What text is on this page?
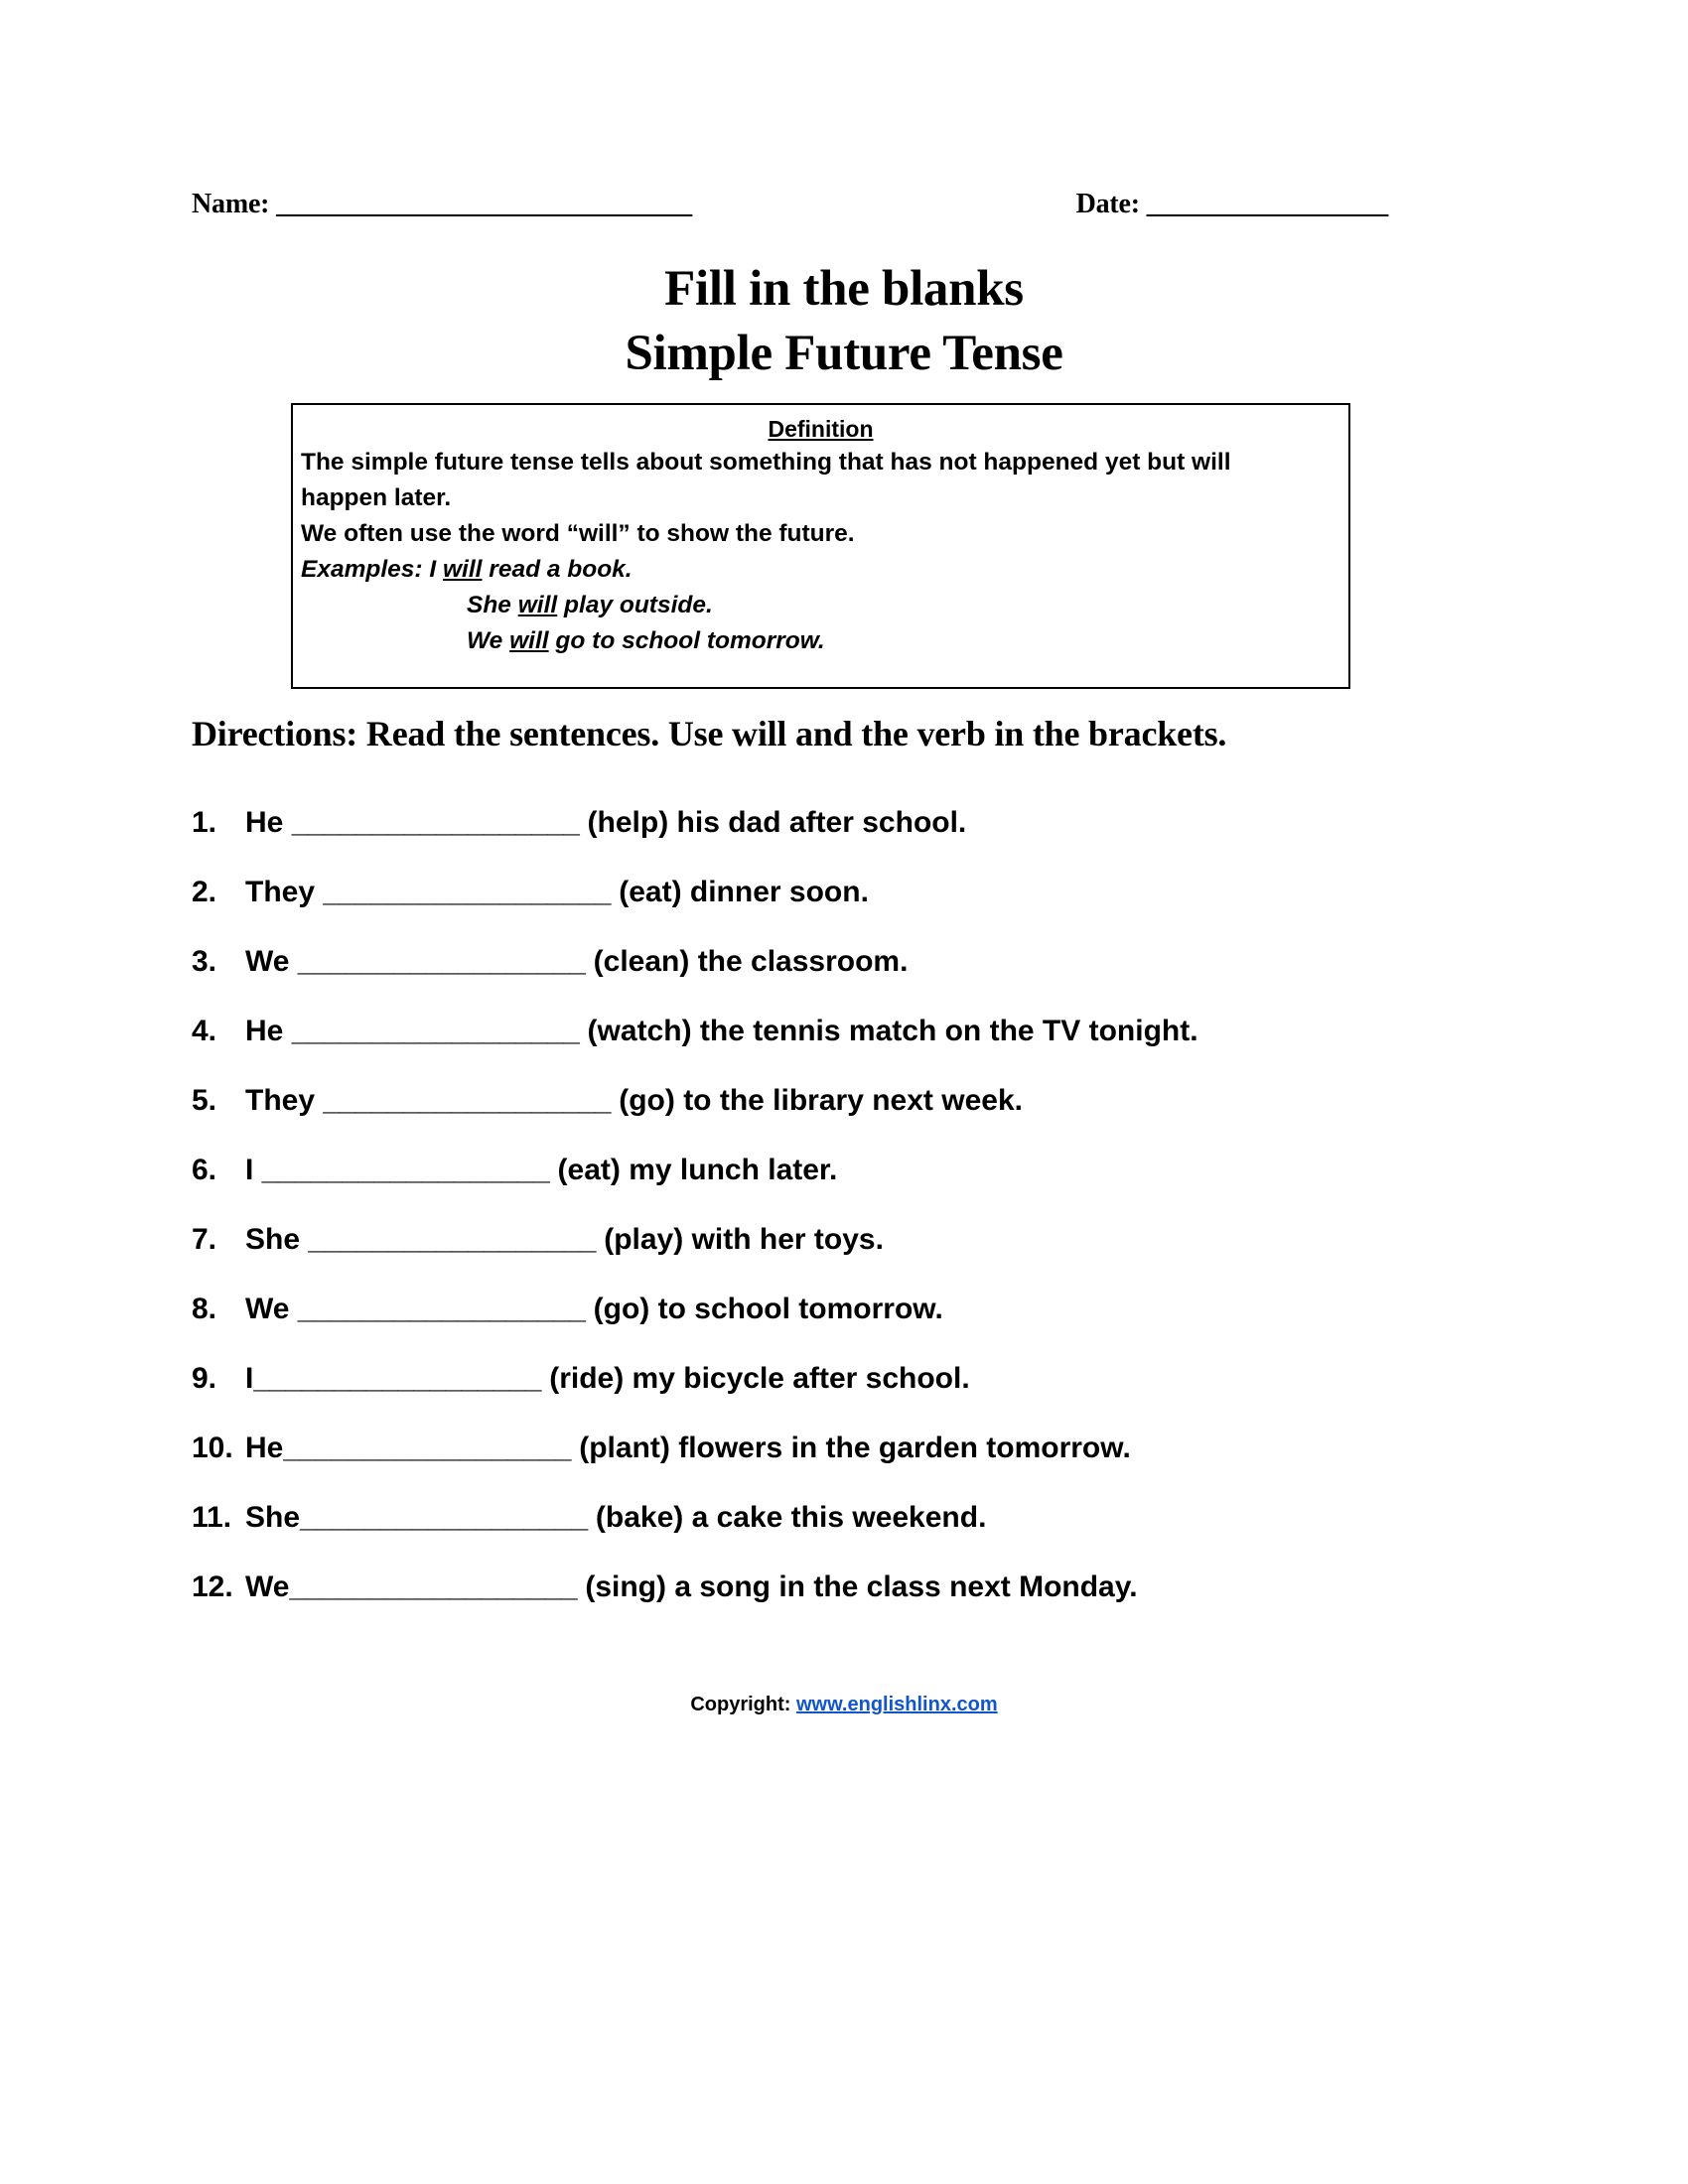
Name: _______________________________	Date: __________________
Fill in the blanks
Simple Future Tense
Definition
The simple future tense tells about something that has not happened yet but will
happen later.
We often use the word “will” to show the future.
Examples: I will read a book.
She will play outside.
We will go to school tomorrow.
Directions: Read the sentences. Use will and the verb in the brackets.
1. He __________________ (help) his dad after school.
2. They __________________ (eat) dinner soon.
3. We __________________ (clean) the classroom.
4. He __________________ (watch) the tennis match on the TV tonight.
5. They __________________ (go) to the library next week.
6. I __________________ (eat) my lunch later.
7. She __________________ (play) with her toys.
8. We __________________ (go) to school tomorrow.
9. I __________________ (ride) my bicycle after school.
10. He __________________ (plant) flowers in the garden tomorrow.
11. She __________________ (bake) a cake this weekend.
12. We __________________ (sing) a song in the class next Monday.
Copyright: www.englishlinx.com
